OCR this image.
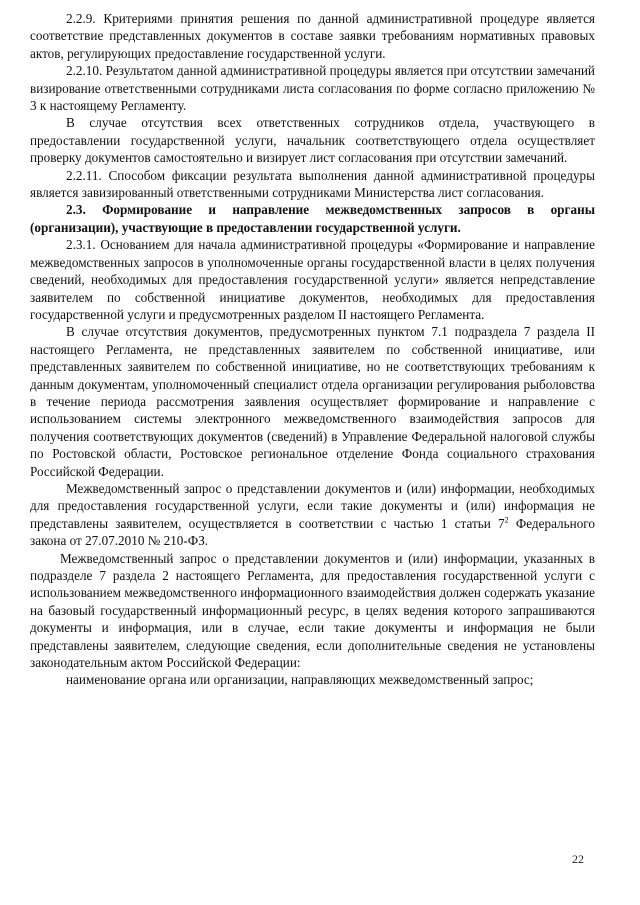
2.2.9. Критериями принятия решения по данной административной процедуре является соответствие представленных документов в составе заявки требованиям нормативных правовых актов, регулирующих предоставление государственной услуги.

2.2.10. Результатом данной административной процедуры является при отсутствии замечаний визирование ответственными сотрудниками листа согласования по форме согласно приложению № 3 к настоящему Регламенту.

В случае отсутствия всех ответственных сотрудников отдела, участвующего в предоставлении государственной услуги, начальник соответствующего отдела осуществляет проверку документов самостоятельно и визирует лист согласования при отсутствии замечаний.

2.2.11. Способом фиксации результата выполнения данной административной процедуры является завизированный ответственными сотрудниками Министерства лист согласования.

2.3. Формирование и направление межведомственных запросов в органы (организации), участвующие в предоставлении государственной услуги.

2.3.1. Основанием для начала административной процедуры «Формирование и направление межведомственных запросов в уполномоченные органы государственной власти в целях получения сведений, необходимых для предоставления государственной услуги» является непредставление заявителем по собственной инициативе документов, необходимых для предоставления государственной услуги и предусмотренных разделом II настоящего Регламента.

В случае отсутствия документов, предусмотренных пунктом 7.1 подраздела 7 раздела II настоящего Регламента, не представленных заявителем по собственной инициативе, или представленных заявителем по собственной инициативе, но не соответствующих требованиям к данным документам, уполномоченный специалист отдела организации регулирования рыболовства в течение периода рассмотрения заявления осуществляет формирование и направление с использованием системы электронного межведомственного взаимодействия запросов для получения соответствующих документов (сведений) в Управление Федеральной налоговой службы по Ростовской области, Ростовское региональное отделение Фонда социального страхования Российской Федерации.

Межведомственный запрос о представлении документов и (или) информации, необходимых для предоставления государственной услуги, если такие документы и (или) информация не представлены заявителем, осуществляется в соответствии с частью 1 статьи $7^2$ Федерального закона от 27.07.2010 № 210-ФЗ.

Межведомственный запрос о представлении документов и (или) информации, указанных в подразделе 7 раздела 2 настоящего Регламента, для предоставления государственной услуги с использованием межведомственного информационного взаимодействия должен содержать указание на базовый государственный информационный ресурс, в целях ведения которого запрашиваются документы и информация, или в случае, если такие документы и информация не были представлены заявителем, следующие сведения, если дополнительные сведения не установлены законодательным актом Российской Федерации:

наименование органа или организации, направляющих межведомственный запрос;

22
